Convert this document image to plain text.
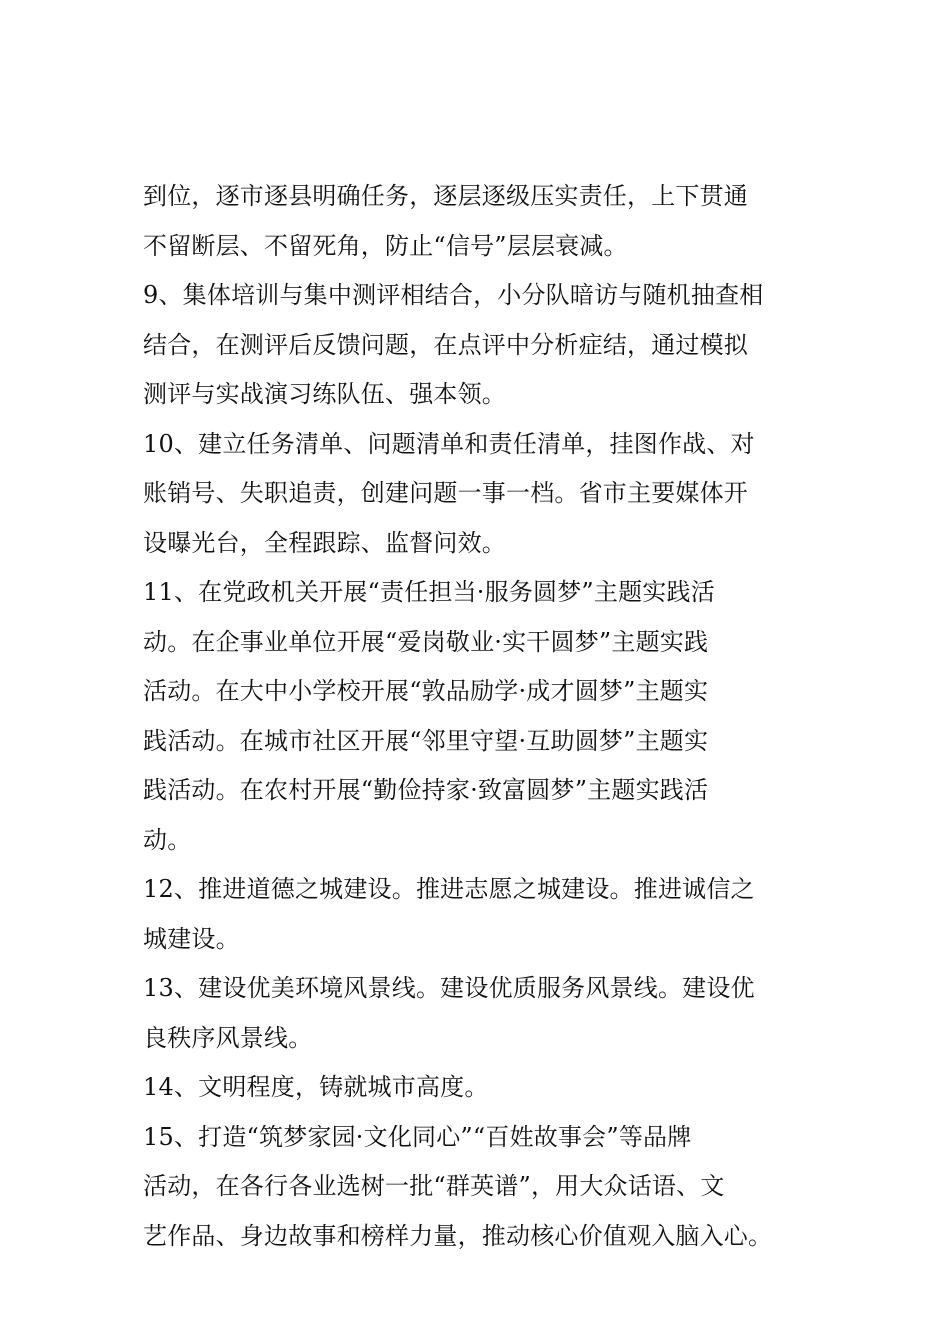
到位，逐市逐县明确任务，逐层逐级压实责任，上下贯通
不留断层、不留死角，防止“信号”层层衰减。
9、集体培训与集中测评相结合，小分队暗访与随机抽查相
结合，在测评后反馈问题，在点评中分析症结，通过模拟
测评与实战演习练队伍、强本领。
10、建立任务清单、问题清单和责任清单，挂图作战、对
账销号、失职追责，创建问题一事一档。省市主要媒体开
设曝光台，全程跟踪、监督问效。
11、在党政机关开展“责任担当·服务圆梦”主题实践活
动。在企事业单位开展“爱岗敬业·实干圆梦”主题实践
活动。在大中小学校开展“敦品励学·成才圆梦”主题实
践活动。在城市社区开展“邻里守望·互助圆梦”主题实
践活动。在农村开展“勤俭持家·致富圆梦”主题实践活
动。
12、推进道德之城建设。推进志愿之城建设。推进诚信之
城建设。
13、建设优美环境风景线。建设优质服务风景线。建设优
良秩序风景线。
14、文明程度，铸就城市高度。
15、打造“筑梦家园·文化同心”“百姓故事会”等品牌
活动，在各行各业选树一批“群英谱”，用大众话语、文
艺作品、身边故事和榜样力量，推动核心价值观入脑入心。
